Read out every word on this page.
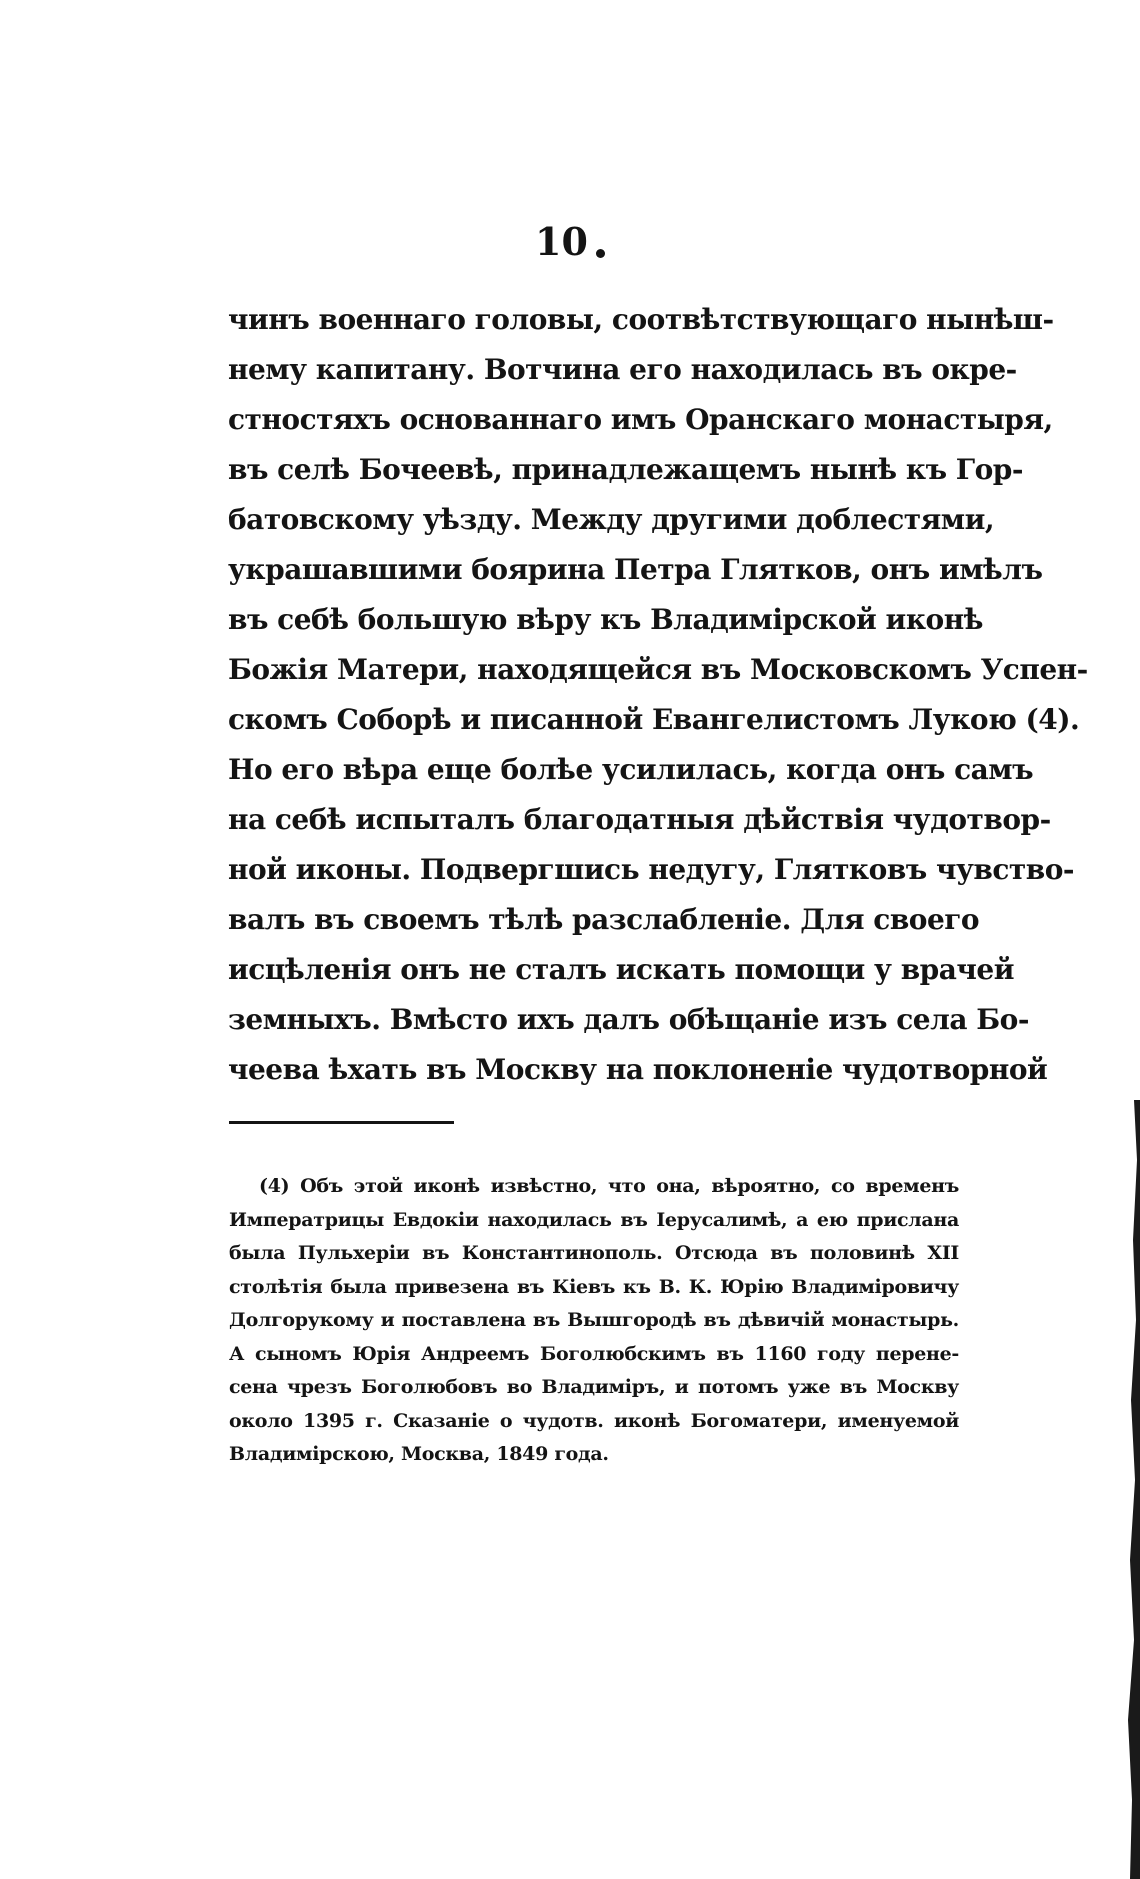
10
чинъ военнаго головы, соотвѣтствующаго нынѣш-
нему капитану. Вотчина его находилась въ окре-
стностяхъ основаннаго имъ Оранскаго монастыря,
въ селѣ Бочеевѣ, принадлежащемъ нынѣ къ Гор-
батовскому уѣзду. Между другими доблестями,
украшавшими боярина Петра Глятков, онъ имѣлъ
въ себѣ большую вѣру къ Владимірской иконѣ
Божія Матери, находящейся въ Московскомъ Успен-
скомъ Соборѣ и писанной Евангелистомъ Лукою (4).
Но его вѣра еще болѣе усилилась, когда онъ самъ
на себѣ испыталъ благодатныя дѣйствія чудотвор-
ной иконы. Подвергшись недугу, Глятковъ чувство-
валъ въ своемъ тѣлѣ разслабленіе. Для своего
исцѣленія онъ не сталъ искать помощи у врачей
земныхъ. Вмѣсто ихъ далъ обѣщаніе изъ села Бо-
чеева ѣхать въ Москву на поклоненіе чудотворной
(4) Объ этой иконѣ извѣстно, что она, вѣроятно, со временъ
Императрицы Евдокіи находилась въ Іерусалимѣ, а ею прислана
была Пульхеріи въ Константинополь. Отсюда въ половинѣ XII
столѣтія была привезена въ Кіевъ къ В. К. Юрію Владиміровичу
Долгорукому и поставлена въ Вышгородѣ въ дѣвичій монастырь.
А сыномъ Юрія Андреемъ Боголюбскимъ въ 1160 году перене-
сена чрезъ Боголюбовъ во Владиміръ, и потомъ уже въ Москву
около 1395 г. Сказаніе о чудотв. иконѣ Богоматери, именуемой
Владимірскою, Москва, 1849 года.
